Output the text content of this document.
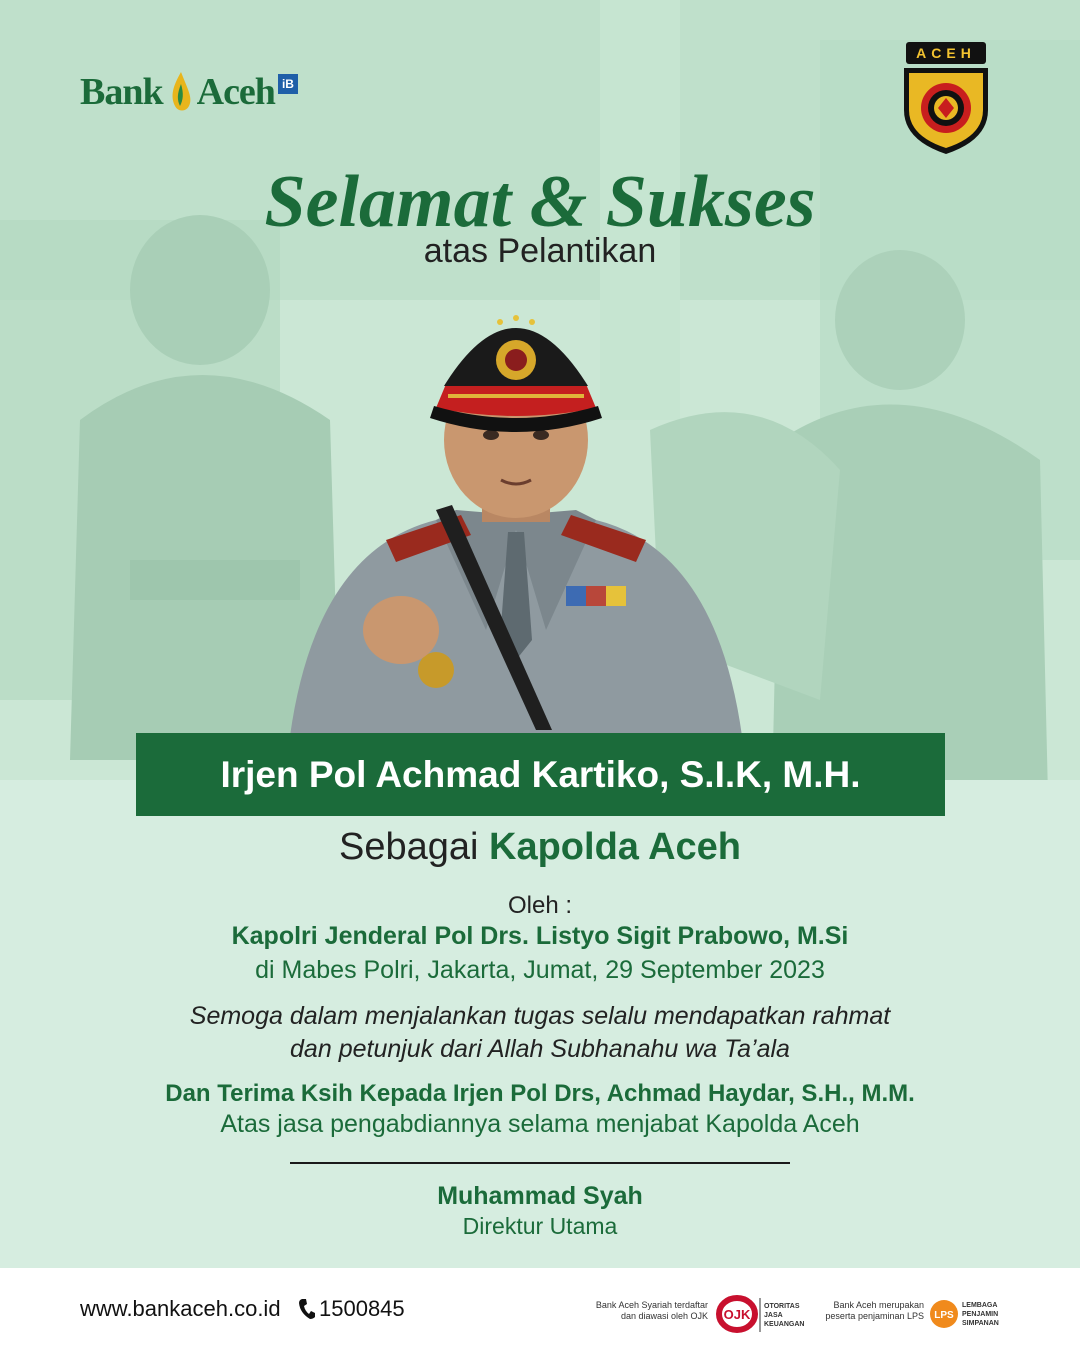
Bank Aceh iB
ACEH
Selamat & Sukses
atas Pelantikan
Irjen Pol Achmad Kartiko, S.I.K, M.H.
Sebagai Kapolda Aceh
Oleh :
Kapolri Jenderal Pol Drs. Listyo Sigit Prabowo, M.Si
di Mabes Polri, Jakarta, Jumat, 29 September 2023
Semoga dalam menjalankan tugas selalu mendapatkan rahmat
dan petunjuk dari Allah Subhanahu wa Ta’ala
Dan Terima Ksih Kepada Irjen Pol Drs, Achmad Haydar, S.H., M.M.
Atas jasa pengabdiannya selama menjabat Kapolda Aceh
Muhammad Syah
Direktur Utama
www.bankaceh.co.id 1500845	Bank Aceh Syariah terdaftar
dan diawasi oleh OJK OJK
OTORITAS
JASA
KEUANGAN
Bank Aceh merupakan
peserta penjaminan LPS LPS
LEMBAGA
PENJAMIN
SIMPANAN
